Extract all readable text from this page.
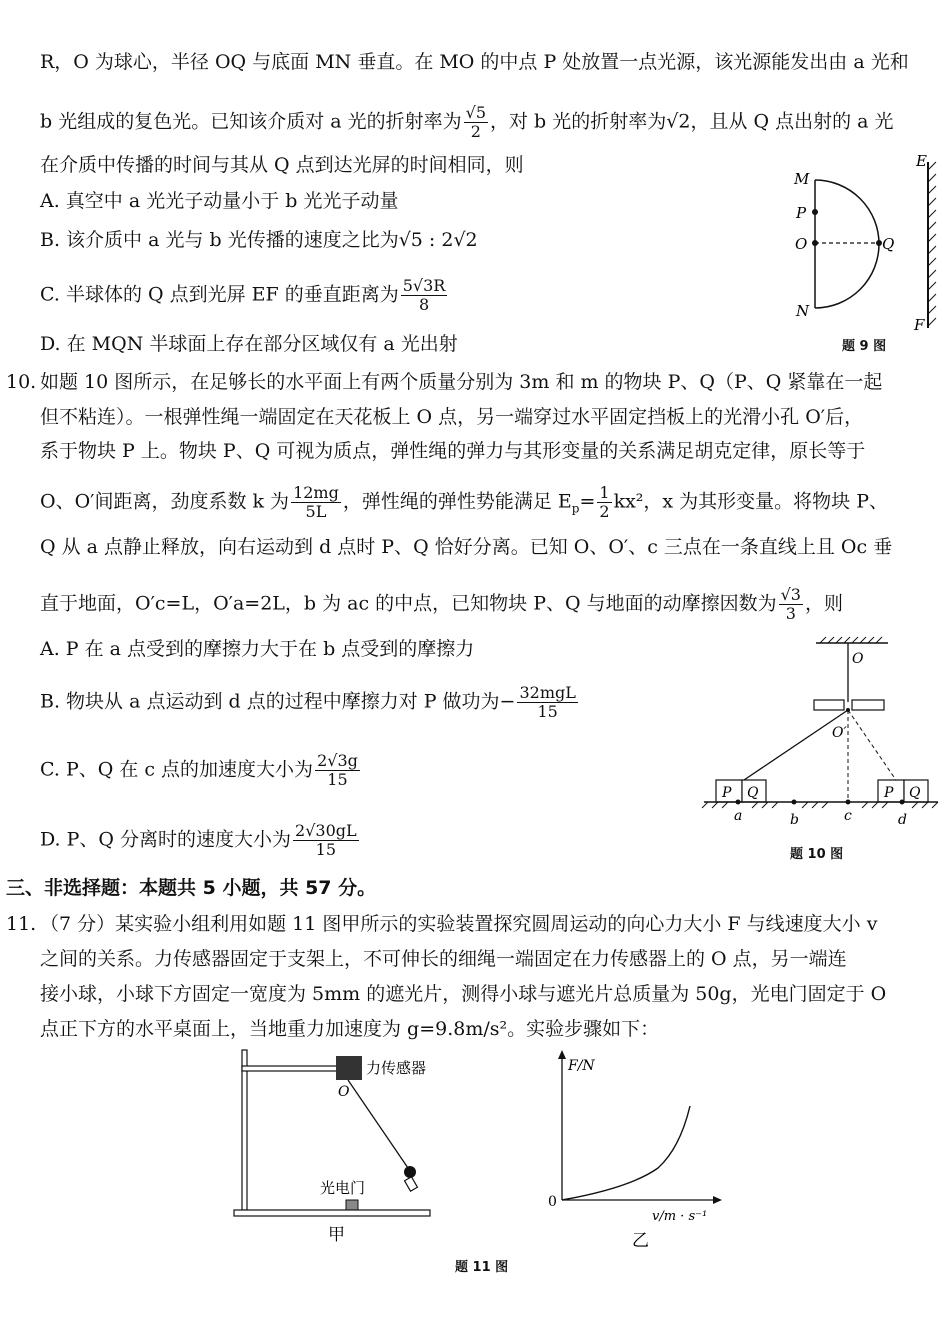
R，O 为球心，半径 OQ 与底面 MN 垂直。在 MO 的中点 P 处放置一点光源，该光源能发出由 a 光和
b 光组成的复色光。已知该介质对 a 光的折射率为 $\frac{√5}{2}$ ，对 b 光的折射率为√2，且从 Q 点出射的 a 光
在介质中传播的时间与其从 Q 点到达光屏的时间相同，则
A. 真空中 a 光光子动量小于 b 光光子动量
B. 该介质中 a 光与 b 光传播的速度之比为√5 : 2√2
C. 半球体的 Q 点到光屏 EF 的垂直距离为 $\frac{5√3R}{8}$
D. 在 MQN 半球面上存在部分区域仅有 a 光出射
M
P
O
N
Q
E
F
题 9 图
10. 如题 10 图所示，在足够长的水平面上有两个质量分别为 3m 和 m 的物块 P、Q（P、Q 紧靠在一起
但不粘连）。一根弹性绳一端固定在天花板上 O 点，另一端穿过水平固定挡板上的光滑小孔 O′后，
系于物块 P 上。物块 P、Q 可视为质点，弹性绳的弹力与其形变量的关系满足胡克定律，原长等于
O、O′间距离，劲度系数 k 为 $\frac{12mg}{5L}$ ，弹性绳的弹性势能满足 $E_p= \frac{1}{2} kx^2$，x 为其形变量。将物块 P、
Q 从 a 点静止释放，向右运动到 d 点时 P、Q 恰好分离。已知 O、O′、c 三点在一条直线上且 Oc 垂
直于地面，O′c=L，O′a=2L，b 为 ac 的中点，已知物块 P、Q 与地面的动摩擦因数为 $\frac{√3}{3}$ ，则
A. P 在 a 点受到的摩擦力大于在 b 点受到的摩擦力
B. 物块从 a 点运动到 d 点的过程中摩擦力对 P 做功为− $\frac{\text{32mgL}}{15}$
C. P、Q 在 c 点的加速度大小为 $\frac{2√3g}{15}$
D. P、Q 分离时的速度大小为 $\frac{2√30gL}{15}$
O
O′
P Q	P Q
a	b	c	d
题 10 图
三、非选择题：本题共 5 小题，共 57 分。
11. （7 分）某实验小组利用如题 11 图甲所示的实验装置探究圆周运动的向心力大小 F 与线速度大小 v
之间的关系。力传感器固定于支架上，不可伸长的细绳一端固定在力传感器上的 O 点，另一端连
接小球，小球下方固定一宽度为 5mm 的遮光片，测得小球与遮光片总质量为 50g，光电门固定于 O
点正下方的水平桌面上，当地重力加速度为 g=9.8m/s²。实验步骤如下：
力传感器
O
光电门
甲
F/N
0
v/m · s⁻¹
乙
题 11 图
